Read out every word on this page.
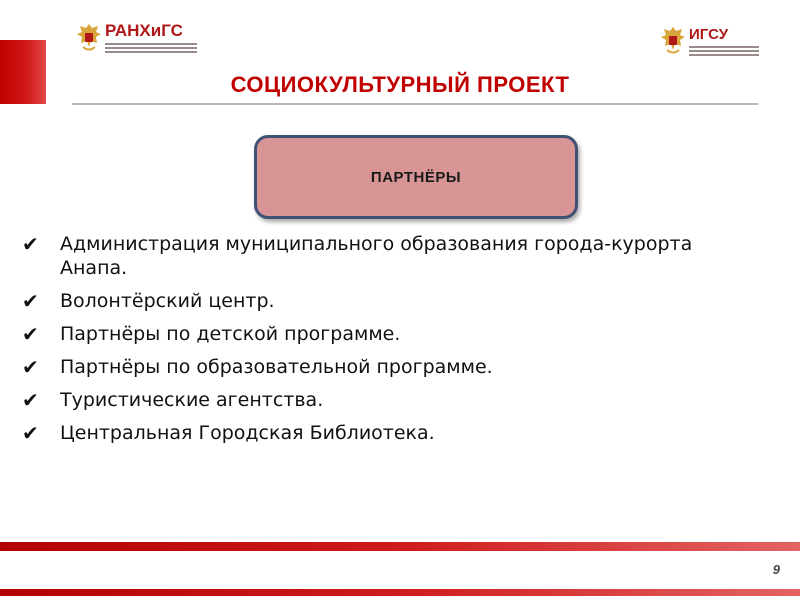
РАНХиГС	ИГСУ
СОЦИОКУЛЬТУРНЫЙ ПРОЕКТ
ПАРТНЁРЫ
✔	Администрация муниципального образования города-курорта Анапа.
✔	Волонтёрский центр.
✔	Партнёры по детской программе.
✔	Партнёры по образовательной программе.
✔	Туристические агентства.
✔	Центральная Городская Библиотека.
9
